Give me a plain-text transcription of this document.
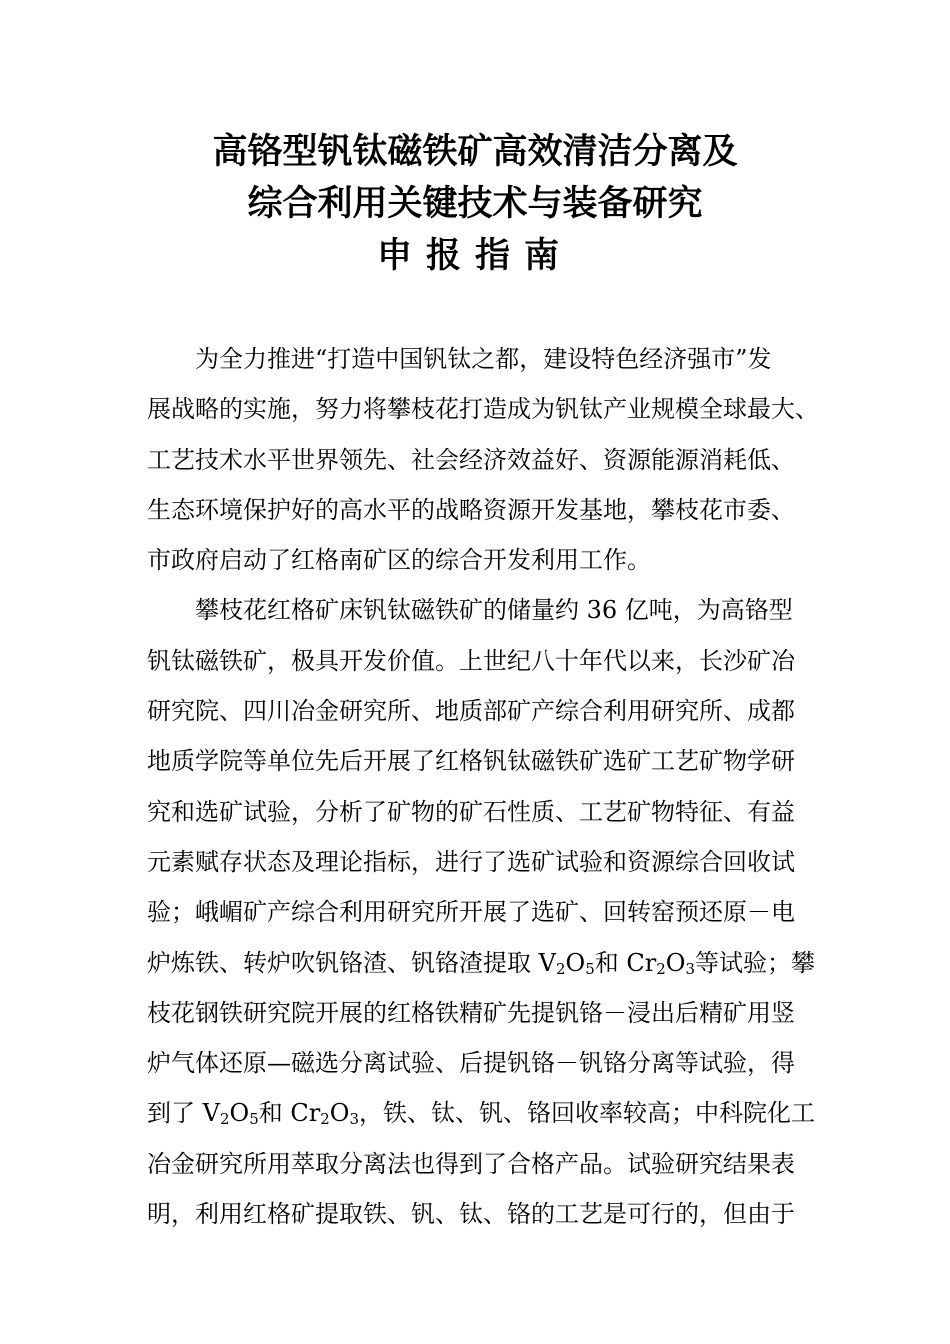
高铬型钒钛磁铁矿高效清洁分离及
综合利用关键技术与装备研究
申报指南
为全力推进“打造中国钒钛之都，建设特色经济强市”发
展战略的实施，努力将攀枝花打造成为钒钛产业规模全球最大、
工艺技术水平世界领先、社会经济效益好、资源能源消耗低、
生态环境保护好的高水平的战略资源开发基地，攀枝花市委、
市政府启动了红格南矿区的综合开发利用工作。
攀枝花红格矿床钒钛磁铁矿的储量约 36 亿吨，为高铬型
钒钛磁铁矿，极具开发价值。上世纪八十年代以来，长沙矿冶
研究院、四川冶金研究所、地质部矿产综合利用研究所、成都
地质学院等单位先后开展了红格钒钛磁铁矿选矿工艺矿物学研
究和选矿试验，分析了矿物的矿石性质、工艺矿物特征、有益
元素赋存状态及理论指标，进行了选矿试验和资源综合回收试
验；峨嵋矿产综合利用研究所开展了选矿、回转窑预还原－电
炉炼铁、转炉吹钒铬渣、钒铬渣提取 $V_2O_5$和 $Cr_2O_3$等试验；攀
枝花钢铁研究院开展的红格铁精矿先提钒铬－浸出后精矿用竖
炉气体还原—磁选分离试验、后提钒铬－钒铬分离等试验，得
到了 $V_2O_5$和 $Cr_2O_3$，铁、钛、钒、铬回收率较高；中科院化工
冶金研究所用萃取分离法也得到了合格产品。试验研究结果表
明，利用红格矿提取铁、钒、钛、铬的工艺是可行的，但由于
